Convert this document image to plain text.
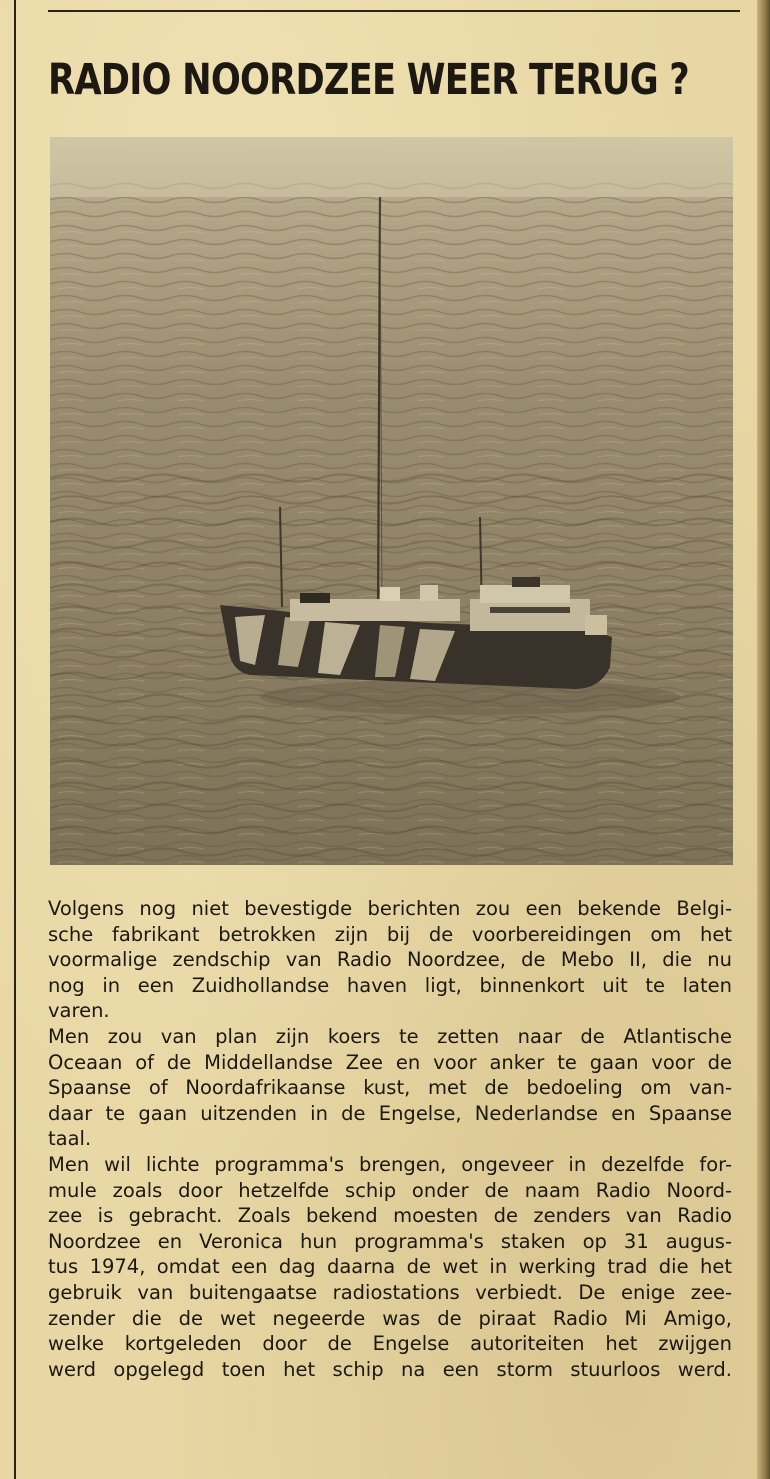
RADIO NOORDZEE WEER TERUG ?
Volgens nog niet bevestigde berichten zou een bekende Belgi-
sche fabrikant betrokken zijn bij de voorbereidingen om het
voormalige zendschip van Radio Noordzee, de Mebo II, die nu
nog in een Zuidhollandse haven ligt, binnenkort uit te laten
varen.
Men zou van plan zijn koers te zetten naar de Atlantische
Oceaan of de Middellandse Zee en voor anker te gaan voor de
Spaanse of Noordafrikaanse kust, met de bedoeling om van-
daar te gaan uitzenden in de Engelse, Nederlandse en Spaanse
taal.
Men wil lichte programma's brengen, ongeveer in dezelfde for-
mule zoals door hetzelfde schip onder de naam Radio Noord-
zee is gebracht. Zoals bekend moesten de zenders van Radio
Noordzee en Veronica hun programma's staken op 31 augus-
tus 1974, omdat een dag daarna de wet in werking trad die het
gebruik van buitengaatse radiostations verbiedt. De enige zee-
zender die de wet negeerde was de piraat Radio Mi Amigo,
welke kortgeleden door de Engelse autoriteiten het zwijgen
werd opgelegd toen het schip na een storm stuurloos werd.
